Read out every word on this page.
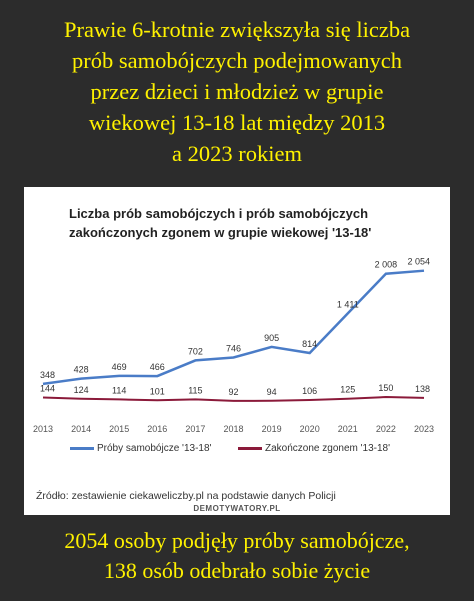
Prawie 6-krotnie zwiększyła się liczba
prób samobójczych podejmowanych
przez dzieci i młodzież w grupie
wiekowej 13-18 lat między 2013
a 2023 rokiem
348
428	469	466
702	746
905
814
1 411
2 008 2 054
144 124	114	101	115	92	94	106	125	150 138
2013 2014 2015 2016 2017 2018 2019 2020 2021 2022 2023
Liczba prób samobójczych i prób samobójczych
zakończonych zgonem w grupie wiekowej '13-18'
Próby samobójcze '13-18'	Zakończone zgonem '13-18'
Źródło: zestawienie ciekaweliczby.pl na podstawie danych Policji
DEMOTYWATORY.PL
2054 osoby podjęły próby samobójcze,
138 osób odebrało sobie życie
